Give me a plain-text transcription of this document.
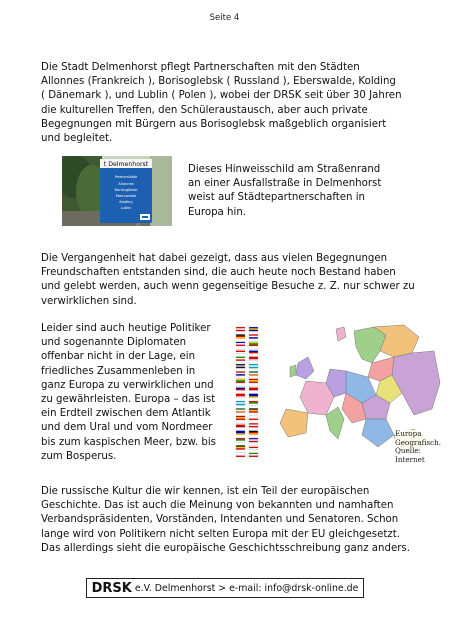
Seite 4
Die Stadt Delmenhorst pflegt Partnerschaften mit den Städten
Allonnes (Frankreich ), Borisoglebsk ( Russland ), Eberswalde, Kolding
( Dänemark ), und Lublin ( Polen ), wobei der DRSK seit über 30 Jahren
die kulturellen Treffen, den Schüleraustausch, aber auch private
Begegnungen mit Bürgern aus Borisoglebsk maßgeblich organisiert
und begleitet.
t Delmenhorst
Partnerstädte
Allonnes
Borisoglebsk
Eberswalde
Kolding
Lublin
Dieses Hinweisschild am Straßenrand
an einer Ausfallstraße in Delmenhorst
weist auf Städtepartnerschaften in
Europa hin.
Die Vergangenheit hat dabei gezeigt, dass aus vielen Begegnungen
Freundschaften entstanden sind, die auch heute noch Bestand haben
und gelebt werden, auch wenn gegenseitige Besuche z. Z. nur schwer zu
verwirklichen sind.
Leider sind auch heutige Politiker
und sogenannte Diplomaten
offenbar nicht in der Lage, ein
friedliches Zusammenleben in
ganz Europa zu verwirklichen und
zu gewährleisten. Europa – das ist
ein Erdteil zwischen dem Atlantik
und dem Ural und vom Nordmeer
bis zum kaspischen Meer, bzw. bis
zum Bosperus.
Europa
Geografisch.
Quelle: Internet
Die russische Kultur die wir kennen, ist ein Teil der europäischen
Geschichte. Das ist auch die Meinung von bekannten und namhaften
Verbandspräsidenten, Vorständen, Intendanten und Senatoren. Schon
lange wird von Politikern nicht selten Europa mit der EU gleichgesetzt.
Das allerdings sieht die europäische Geschichtsschreibung ganz anders.
DRSK e.V. Delmenhorst > e-mail: info@drsk-online.de
